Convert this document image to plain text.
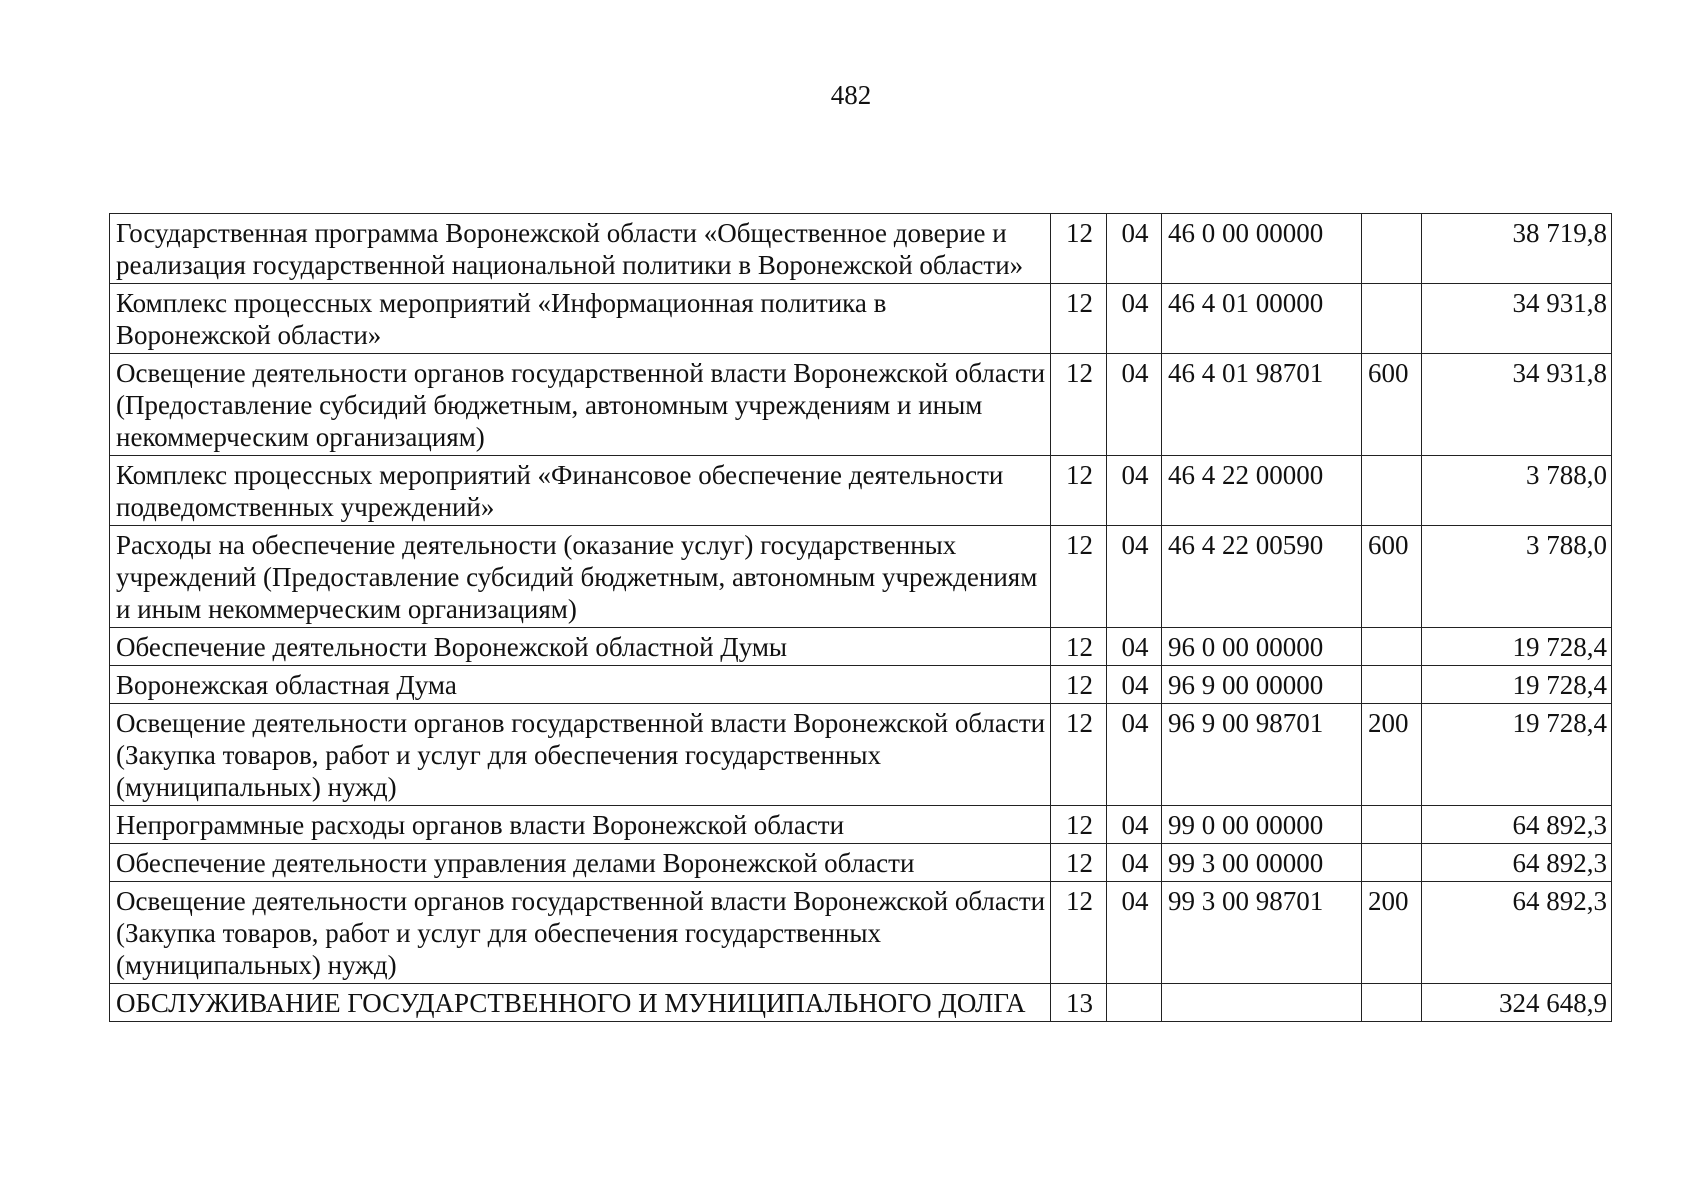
482
Государственная программа Воронежской области «Общественное доверие и реализация государственной национальной политики в Воронежской области»	12	04	46 0 00 00000		38 719,8
Комплекс процессных мероприятий «Информационная политика в Воронежской области»	12	04	46 4 01 00000		34 931,8
Освещение деятельности органов государственной власти Воронежской области (Предоставление субсидий бюджетным, автономным учреждениям и иным некоммерческим организациям)	12	04	46 4 01 98701	600	34 931,8
Комплекс процессных мероприятий «Финансовое обеспечение деятельности подведомственных учреждений»	12	04	46 4 22 00000		3 788,0
Расходы на обеспечение деятельности (оказание услуг) государственных учреждений (Предоставление субсидий бюджетным, автономным учреждениям и иным некоммерческим организациям)	12	04	46 4 22 00590	600	3 788,0
Обеспечение деятельности Воронежской областной Думы	12	04	96 0 00 00000		19 728,4
Воронежская областная Дума	12	04	96 9 00 00000		19 728,4
Освещение деятельности органов государственной власти Воронежской области (Закупка товаров, работ и услуг для обеспечения государственных (муниципальных) нужд)	12	04	96 9 00 98701	200	19 728,4
Непрограммные расходы органов власти Воронежской области	12	04	99 0 00 00000		64 892,3
Обеспечение деятельности управления делами Воронежской области	12	04	99 3 00 00000		64 892,3
Освещение деятельности органов государственной власти Воронежской области (Закупка товаров, работ и услуг для обеспечения государственных (муниципальных) нужд)	12	04	99 3 00 98701	200	64 892,3
ОБСЛУЖИВАНИЕ ГОСУДАРСТВЕННОГО И МУНИЦИПАЛЬНОГО ДОЛГА	13				324 648,9
